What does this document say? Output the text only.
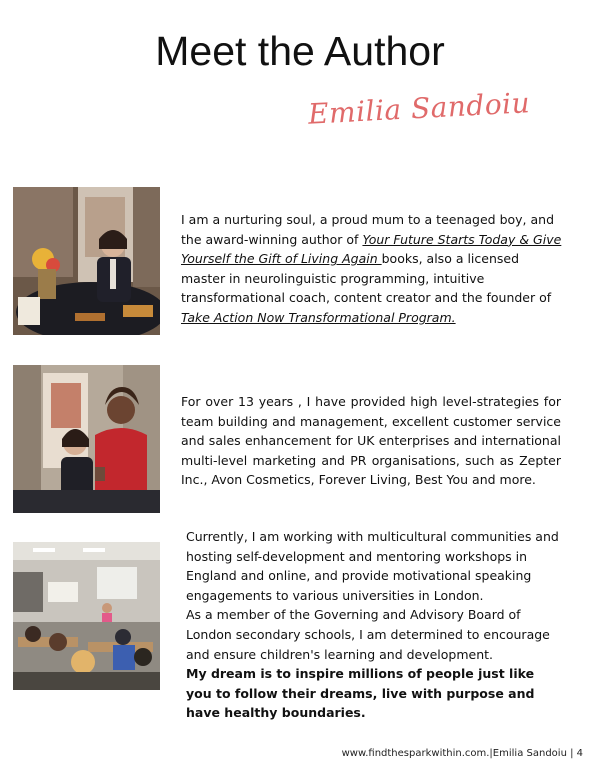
Meet the Author
Emilia Sandoiu
I am a nurturing soul, a proud mum to a teenaged boy, and the award-winning author of Your Future Starts Today & Give Yourself the Gift of Living Again books, also a licensed master in neurolinguistic programming, intuitive transformational coach, content creator and the founder of Take Action Now Transformational Program.
For over 13 years , I have provided high level-strategies for team building and management, excellent customer service and sales enhancement for UK enterprises and international multi-level marketing and PR organisations, such as Zepter Inc., Avon Cosmetics, Forever Living, Best You and more.

Currently, I am working with multicultural communities and hosting self-development and mentoring workshops in England and online, and provide motivational speaking engagements to various universities in London.

As a member of the Governing and Advisory Board of London secondary schools, I am determined to encourage and ensure children's learning and development.

My dream is to inspire millions of people just like you to follow their dreams, live with purpose and have healthy boundaries.

www.findthesparkwithin.com.|Emilia Sandoiu | 4
